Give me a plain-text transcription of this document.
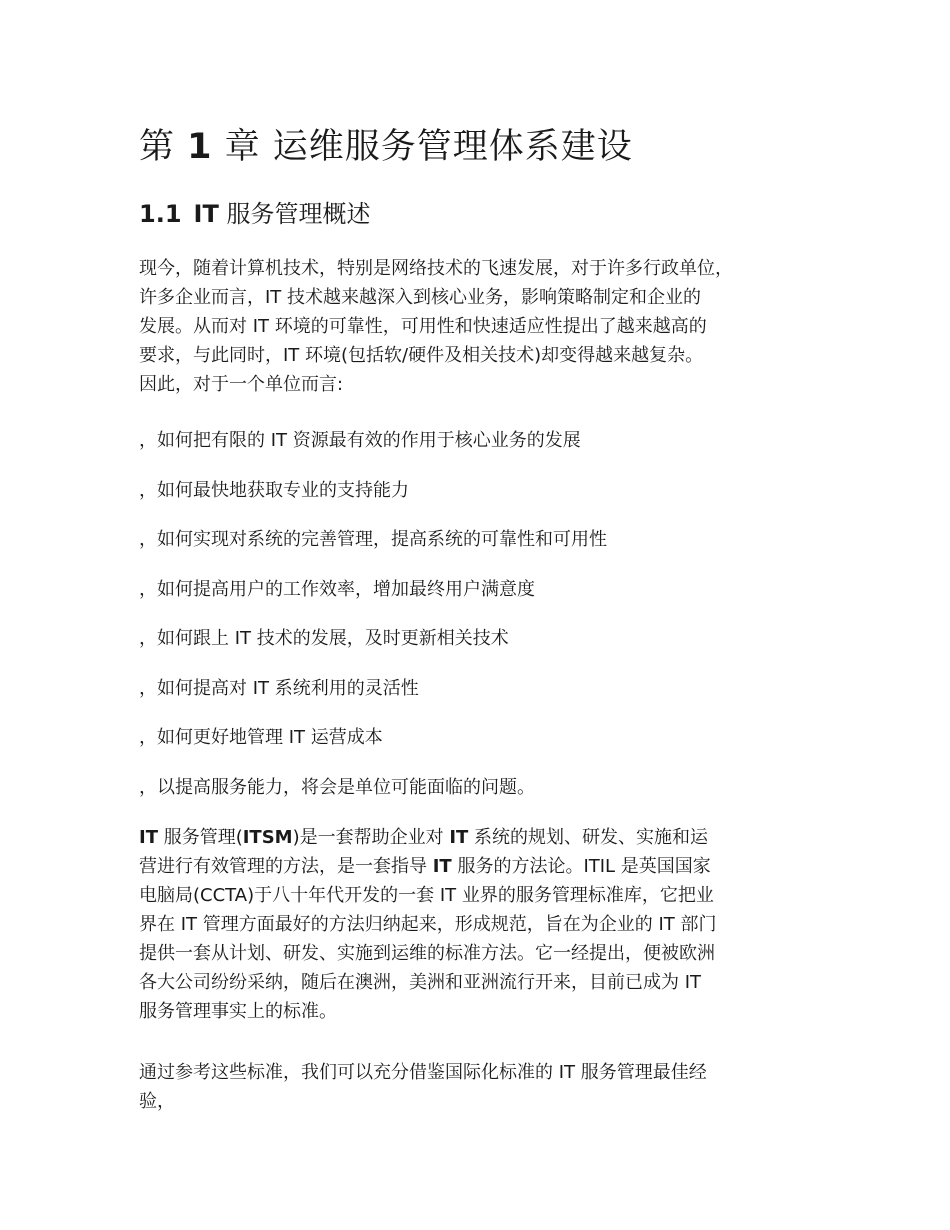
第 1 章 运维服务管理体系建设
1.1 IT 服务管理概述

现今，随着计算机技术，特别是网络技术的飞速发展，对于许多行政单位，
许多企业而言，IT 技术越来越深入到核心业务，影响策略制定和企业的
发展。从而对 IT 环境的可靠性，可用性和快速适应性提出了越来越高的
要求，与此同时，IT 环境(包括软/硬件及相关技术)却变得越来越复杂。
因此，对于一个单位而言:

，如何把有限的 IT 资源最有效的作用于核心业务的发展

，如何最快地获取专业的支持能力

，如何实现对系统的完善管理，提高系统的可靠性和可用性

，如何提高用户的工作效率，增加最终用户满意度

，如何跟上 IT 技术的发展，及时更新相关技术

，如何提高对 IT 系统利用的灵活性

，如何更好地管理 IT 运营成本

，以提高服务能力，将会是单位可能面临的问题。

IT 服务管理(ITSM)是一套帮助企业对 IT 系统的规划、研发、实施和运
营进行有效管理的方法，是一套指导 IT 服务的方法论。ITIL 是英国国家
电脑局(CCTA)于八十年代开发的一套 IT 业界的服务管理标准库，它把业
界在 IT 管理方面最好的方法归纳起来，形成规范，旨在为企业的 IT 部门
提供一套从计划、研发、实施到运维的标准方法。它一经提出，便被欧洲
各大公司纷纷采纳，随后在澳洲，美洲和亚洲流行开来，目前已成为 IT
服务管理事实上的标准。

通过参考这些标准，我们可以充分借鉴国际化标准的 IT 服务管理最佳经
验，
